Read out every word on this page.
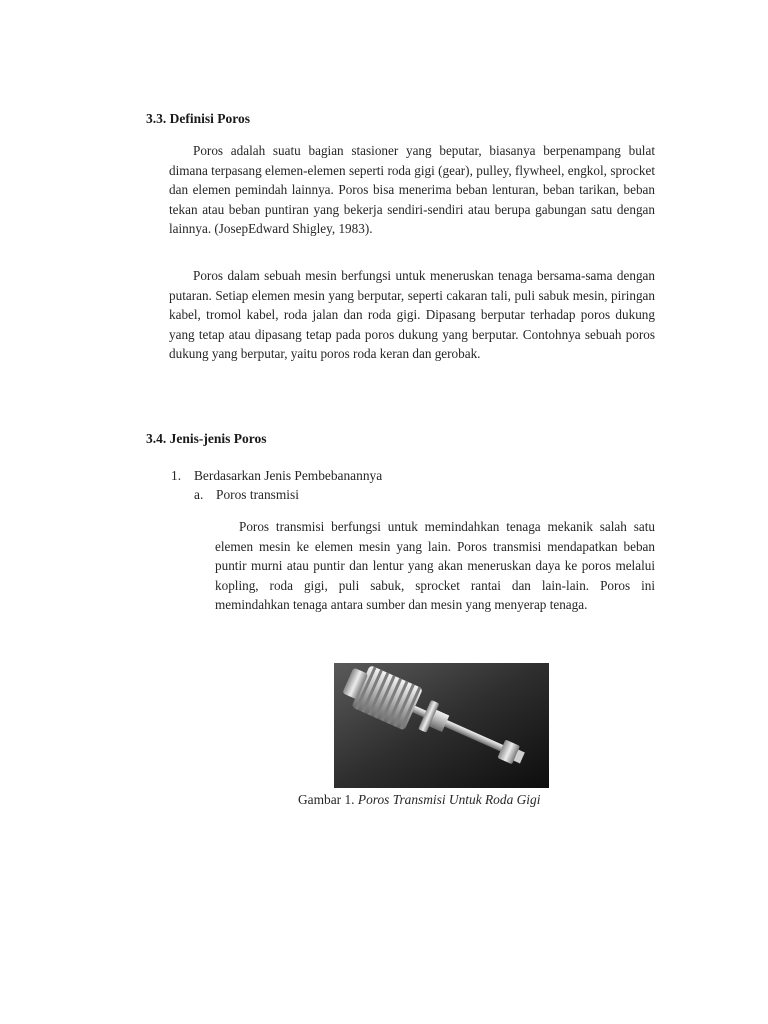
3.3. Definisi Poros

Poros adalah suatu bagian stasioner yang beputar, biasanya berpenampang bulat dimana terpasang elemen-elemen seperti roda gigi (gear), pulley, flywheel, engkol, sprocket dan elemen pemindah lainnya. Poros bisa menerima beban lenturan, beban tarikan, beban tekan atau beban puntiran yang bekerja sendiri-sendiri atau berupa gabungan satu dengan lainnya. (JosepEdward Shigley, 1983).

Poros dalam sebuah mesin berfungsi untuk meneruskan tenaga bersama-sama dengan putaran. Setiap elemen mesin yang berputar, seperti cakaran tali, puli sabuk mesin, piringan kabel, tromol kabel, roda jalan dan roda gigi. Dipasang berputar terhadap poros dukung yang tetap atau dipasang tetap pada poros dukung yang berputar. Contohnya sebuah poros dukung yang berputar, yaitu poros roda keran dan gerobak.

3.4. Jenis-jenis Poros
1. Berdasarkan Jenis Pembebanannya
a. Poros transmisi

Poros transmisi berfungsi untuk memindahkan tenaga mekanik salah satu elemen mesin ke elemen mesin yang lain. Poros transmisi mendapatkan beban puntir murni atau puntir dan lentur yang akan meneruskan daya ke poros melalui kopling, roda gigi, puli sabuk, sprocket rantai dan lain-lain. Poros ini memindahkan tenaga antara sumber dan mesin yang menyerap tenaga.

Gambar 1. Poros Transmisi Untuk Roda Gigi
